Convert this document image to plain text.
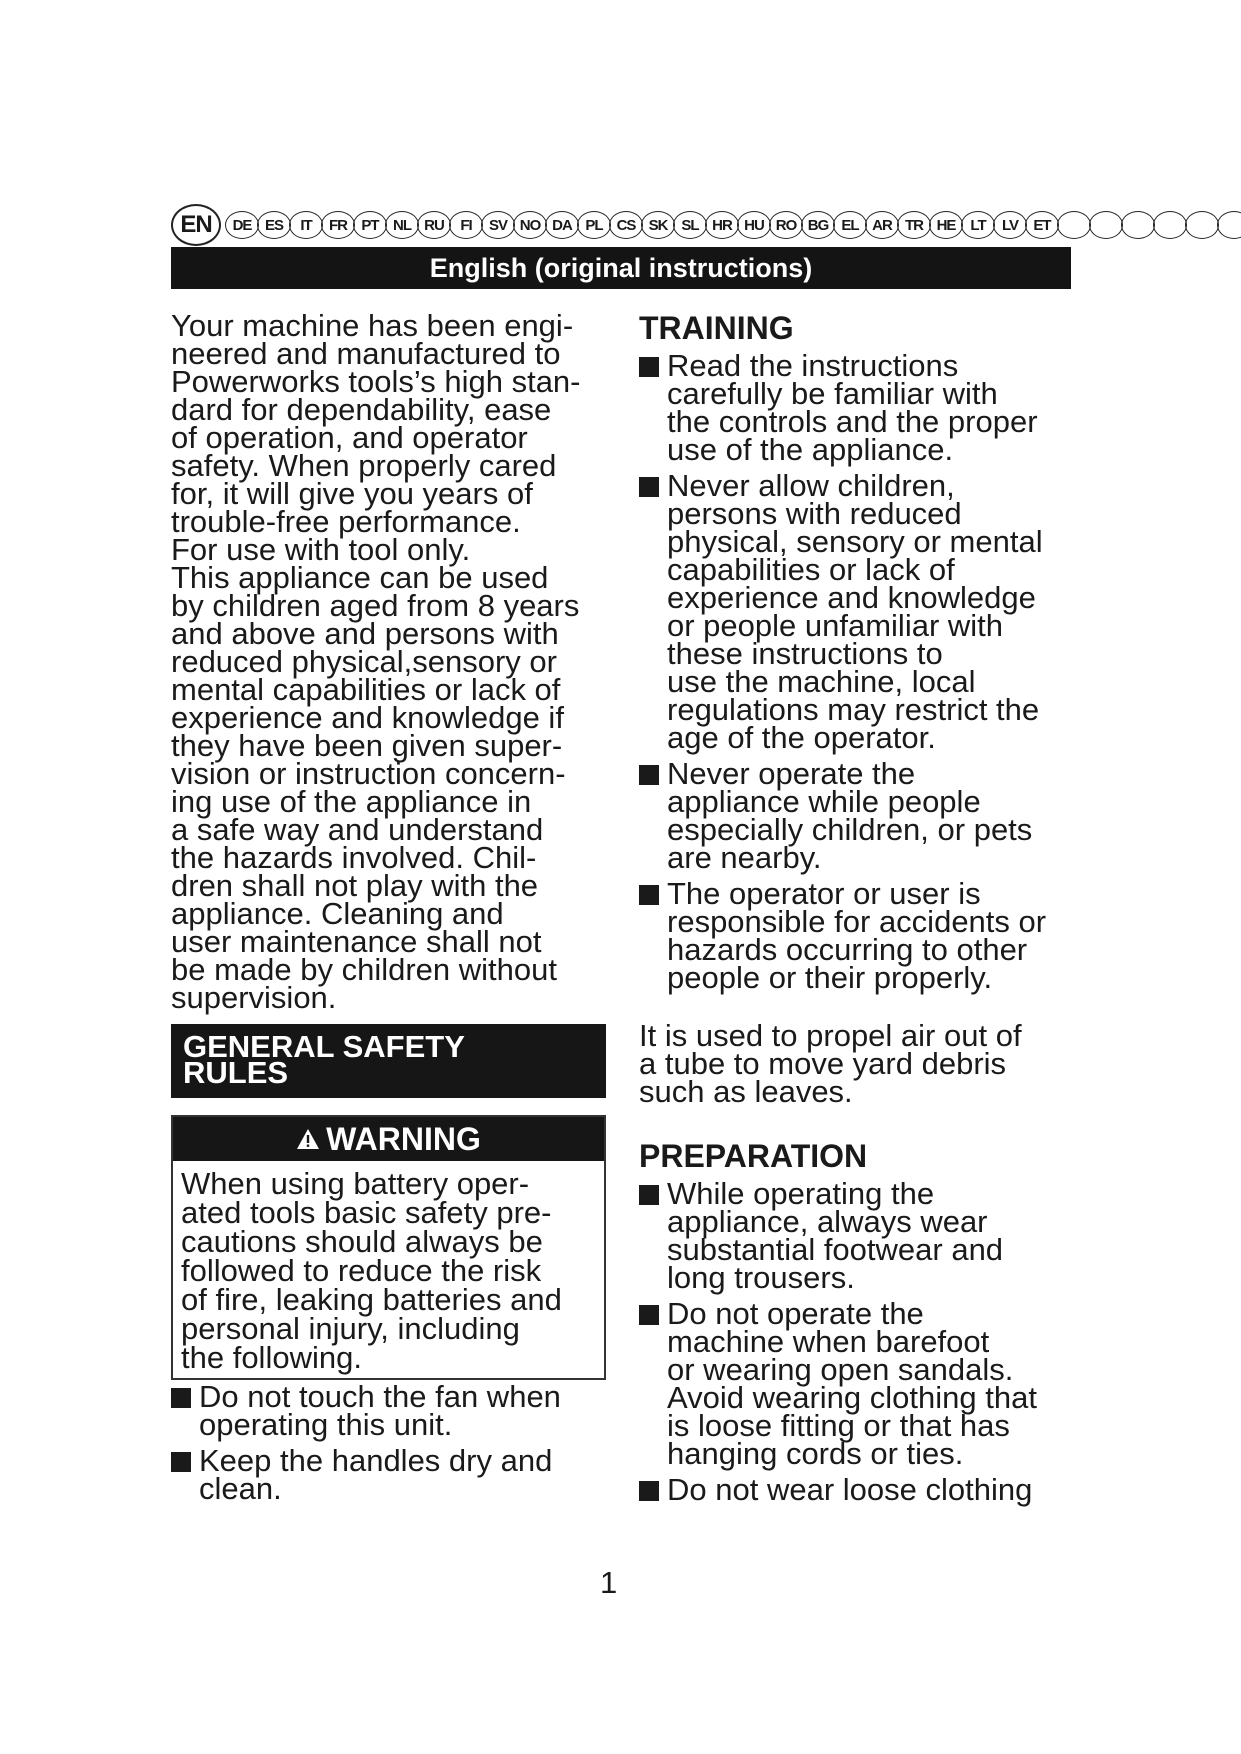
EN	DE ES	IT	FR PT NL RU	FI	SV NO DA PL CS SK SL HR HU RO BG EL AR TR HE LT	LV	ET
English (original instructions)

Your machine has been engi-
neered and manufactured to
Powerworks tools’s high stan-
dard for dependability, ease
of operation, and operator
safety. When properly cared
for, it will give you years of
trouble-free performance.
For use with tool only.
This appliance can be used
by children aged from 8 years
and above and persons with
reduced physical,sensory or
mental capabilities or lack of
experience and knowledge if
they have been given super-
vision or instruction concern-
ing use of the appliance in
a safe way and understand
the hazards involved. Chil-
dren shall not play with the
appliance. Cleaning and
user maintenance shall not
be made by children without
supervision.

GENERAL SAFETY
RULES
WARNING
When using battery oper-
ated tools basic safety pre-
cautions should always be
followed to reduce the risk
of fire, leaking batteries and
personal injury, including
the following.
Do not touch the fan when
operating this unit.
Keep the handles dry and
clean.
TRAINING
Read the instructions
carefully be familiar with
the controls and the proper
use of the appliance.
Never allow children,
persons with reduced
physical, sensory or mental
capabilities or lack of
experience and knowledge
or people unfamiliar with
these instructions to
use the machine, local
regulations may restrict the
age of the operator.
Never operate the
appliance while people
especially children, or pets
are nearby.
The operator or user is
responsible for accidents or
hazards occurring to other
people or their properly.

It is used to propel air out of
a tube to move yard debris
such as leaves.

PREPARATION
While operating the
appliance, always wear
substantial footwear and
long trousers.
Do not operate the
machine when barefoot
or wearing open sandals.
Avoid wearing clothing that
is loose fitting or that has
hanging cords or ties.
Do not wear loose clothing
1
